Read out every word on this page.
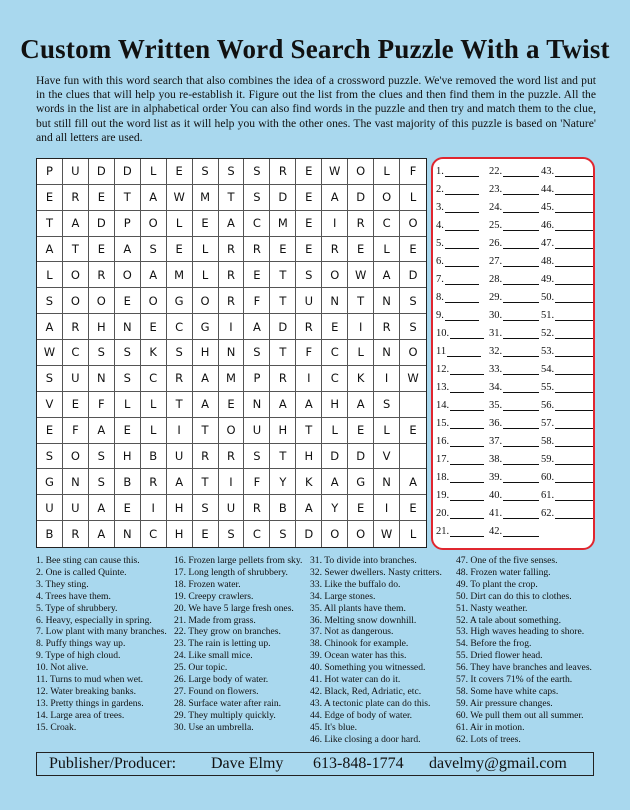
Custom Written Word Search Puzzle With a Twist
Have fun with this word search that also combines the idea of a crossword puzzle. We've removed the word list and put in the clues that will help you re-establish it. Figure out the list from the clues and then find them in the puzzle. All the words in the list are in alphabetical order You can also find words in the puzzle and then try and match them to the clue, but still fill out the word list as it will help you with the other ones. The vast majority of this puzzle is based on 'Nature' and all letters are used.
P	U	D	D	L	E	S	S	S	R	E	W	O	L	F
E	R	E	T	A	W	M	T	S	D	E	A	D	O	L
T	A	D	P	O	L	E	A	C	M	E	I	R	C	O
A	T	E	A	S	E	L	R	R	E	E	R	E	L	E
L	O	R	O	A	M	L	R	E	T	S	O	W	A	D
S	O	O	E	O	G	O	R	F	T	U	N	T	N	S
A	R	H	N	E	C	G	I	A	D	R	E	I	R	S
W	C	S	S	K	S	H	N	S	T	F	C	L	N	O
S	U	N	S	C	R	A	M	P	R	I	C	K	I	W
V	E	F	L	L	T	A	E	N	A	A	H	A	S
E	F	A	E	L	I	T	O	U	H	T	L	E	L	E
S	O	S	H	B	U	R	R	S	T	H	D	D	V
G	N	S	B	R	A	T	I	F	Y	K	A	G	N	A
U	U	A	E	I	H	S	U	R	B	A	Y	E	I	E
B	R	A	N	C	H	E	S	C	S	D	O	O	W	L
1.
2.
3.
4.
5.
6.
7.
8.
9.
10.
11
12.
13.
14.
15.
16.
17.
18.
19.
20.
21.
22.
23.
24.
25.
26.
27.
28.
29.
30.
31.
32.
33.
34.
35.
36.
37.
38.
39.
40.
41.
42.
43.
44.
45.
46.
47.
48.
49.
50.
51.
52.
53.
54.
55.
56.
57.
58.
59.
60.
61.
62.
1. Bee sting can cause this.
2. One is called Quinte.
3. They sting.
4. Trees have them.
5. Type of shrubbery.
6. Heavy, especially in spring.
7. Low plant with many branches.
8. Puffy things way up.
9. Type of high cloud.
10. Not alive.
11. Turns to mud when wet.
12. Water breaking banks.
13. Pretty things in gardens.
14. Large area of trees.
15. Croak.
16. Frozen large pellets from sky.
17. Long length of shrubbery.
18. Frozen water.
19. Creepy crawlers.
20. We have 5 large fresh ones.
21. Made from grass.
22. They grow on branches.
23. The rain is letting up.
24. Like small mice.
25. Our topic.
26. Large body of water.
27. Found on flowers.
28. Surface water after rain.
29. They multiply quickly.
30. Use an umbrella.
31. To divide into branches.
32. Sewer dwellers. Nasty critters.
33. Like the buffalo do.
34. Large stones.
35. All plants have them.
36. Melting snow downhill.
37. Not as dangerous.
38. Chinook for example.
39. Ocean water has this.
40. Something you witnessed.
41. Hot water can do it.
42. Black, Red, Adriatic, etc.
43. A tectonic plate can do this.
44. Edge of body of water.
45. It's blue.
46. Like closing a door hard.
47. One of the five senses.
48. Frozen water falling.
49. To plant the crop.
50. Dirt can do this to clothes.
51. Nasty weather.
52. A tale about something.
53. High waves heading to shore.
54. Before the frog.
55. Dried flower head.
56. They have branches and leaves.
57. It covers 71% of the earth.
58. Some have white caps.
59. Air pressure changes.
60. We pull them out all summer.
61. Air in motion.
62. Lots of trees.
Publisher/Producer: Dave Elmy 613-848-1774 davelmy@gmail.com
